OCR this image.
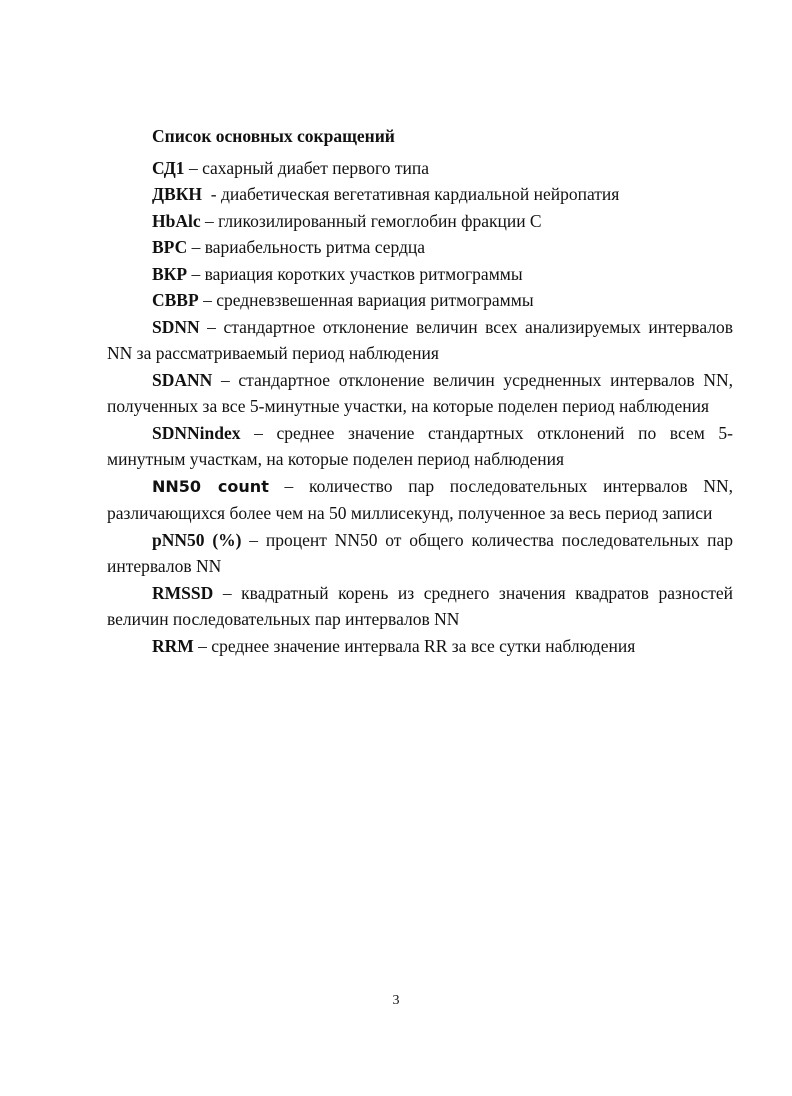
Список основных сокращений

СД1 – сахарный диабет первого типа

ДВКН  - диабетическая вегетативная кардиальной нейропатия

HbAlc – гликозилированный гемоглобин фракции С

ВРС – вариабельность ритма сердца

ВКР – вариация коротких участков ритмограммы

СВВР – средневзвешенная вариация ритмограммы

SDNN – стандартное отклонение величин всех анализируемых интервалов NN за рассматриваемый период наблюдения

SDANN – стандартное отклонение величин усредненных интервалов NN, полученных за все 5-минутные участки, на которые поделен период наблюдения

SDNNindex – среднее значение стандартных отклонений по всем 5-минутным участкам, на которые поделен период наблюдения

NN50 count – количество пар последовательных интервалов NN, различающихся более чем на 50 миллисекунд, полученное за весь период записи

pNN50 (%) – процент NN50 от общего количества последовательных пар интервалов NN

RMSSD – квадратный корень из среднего значения квадратов разностей величин последовательных пар интервалов NN

RRM – среднее значение интервала RR за все сутки наблюдения

3
